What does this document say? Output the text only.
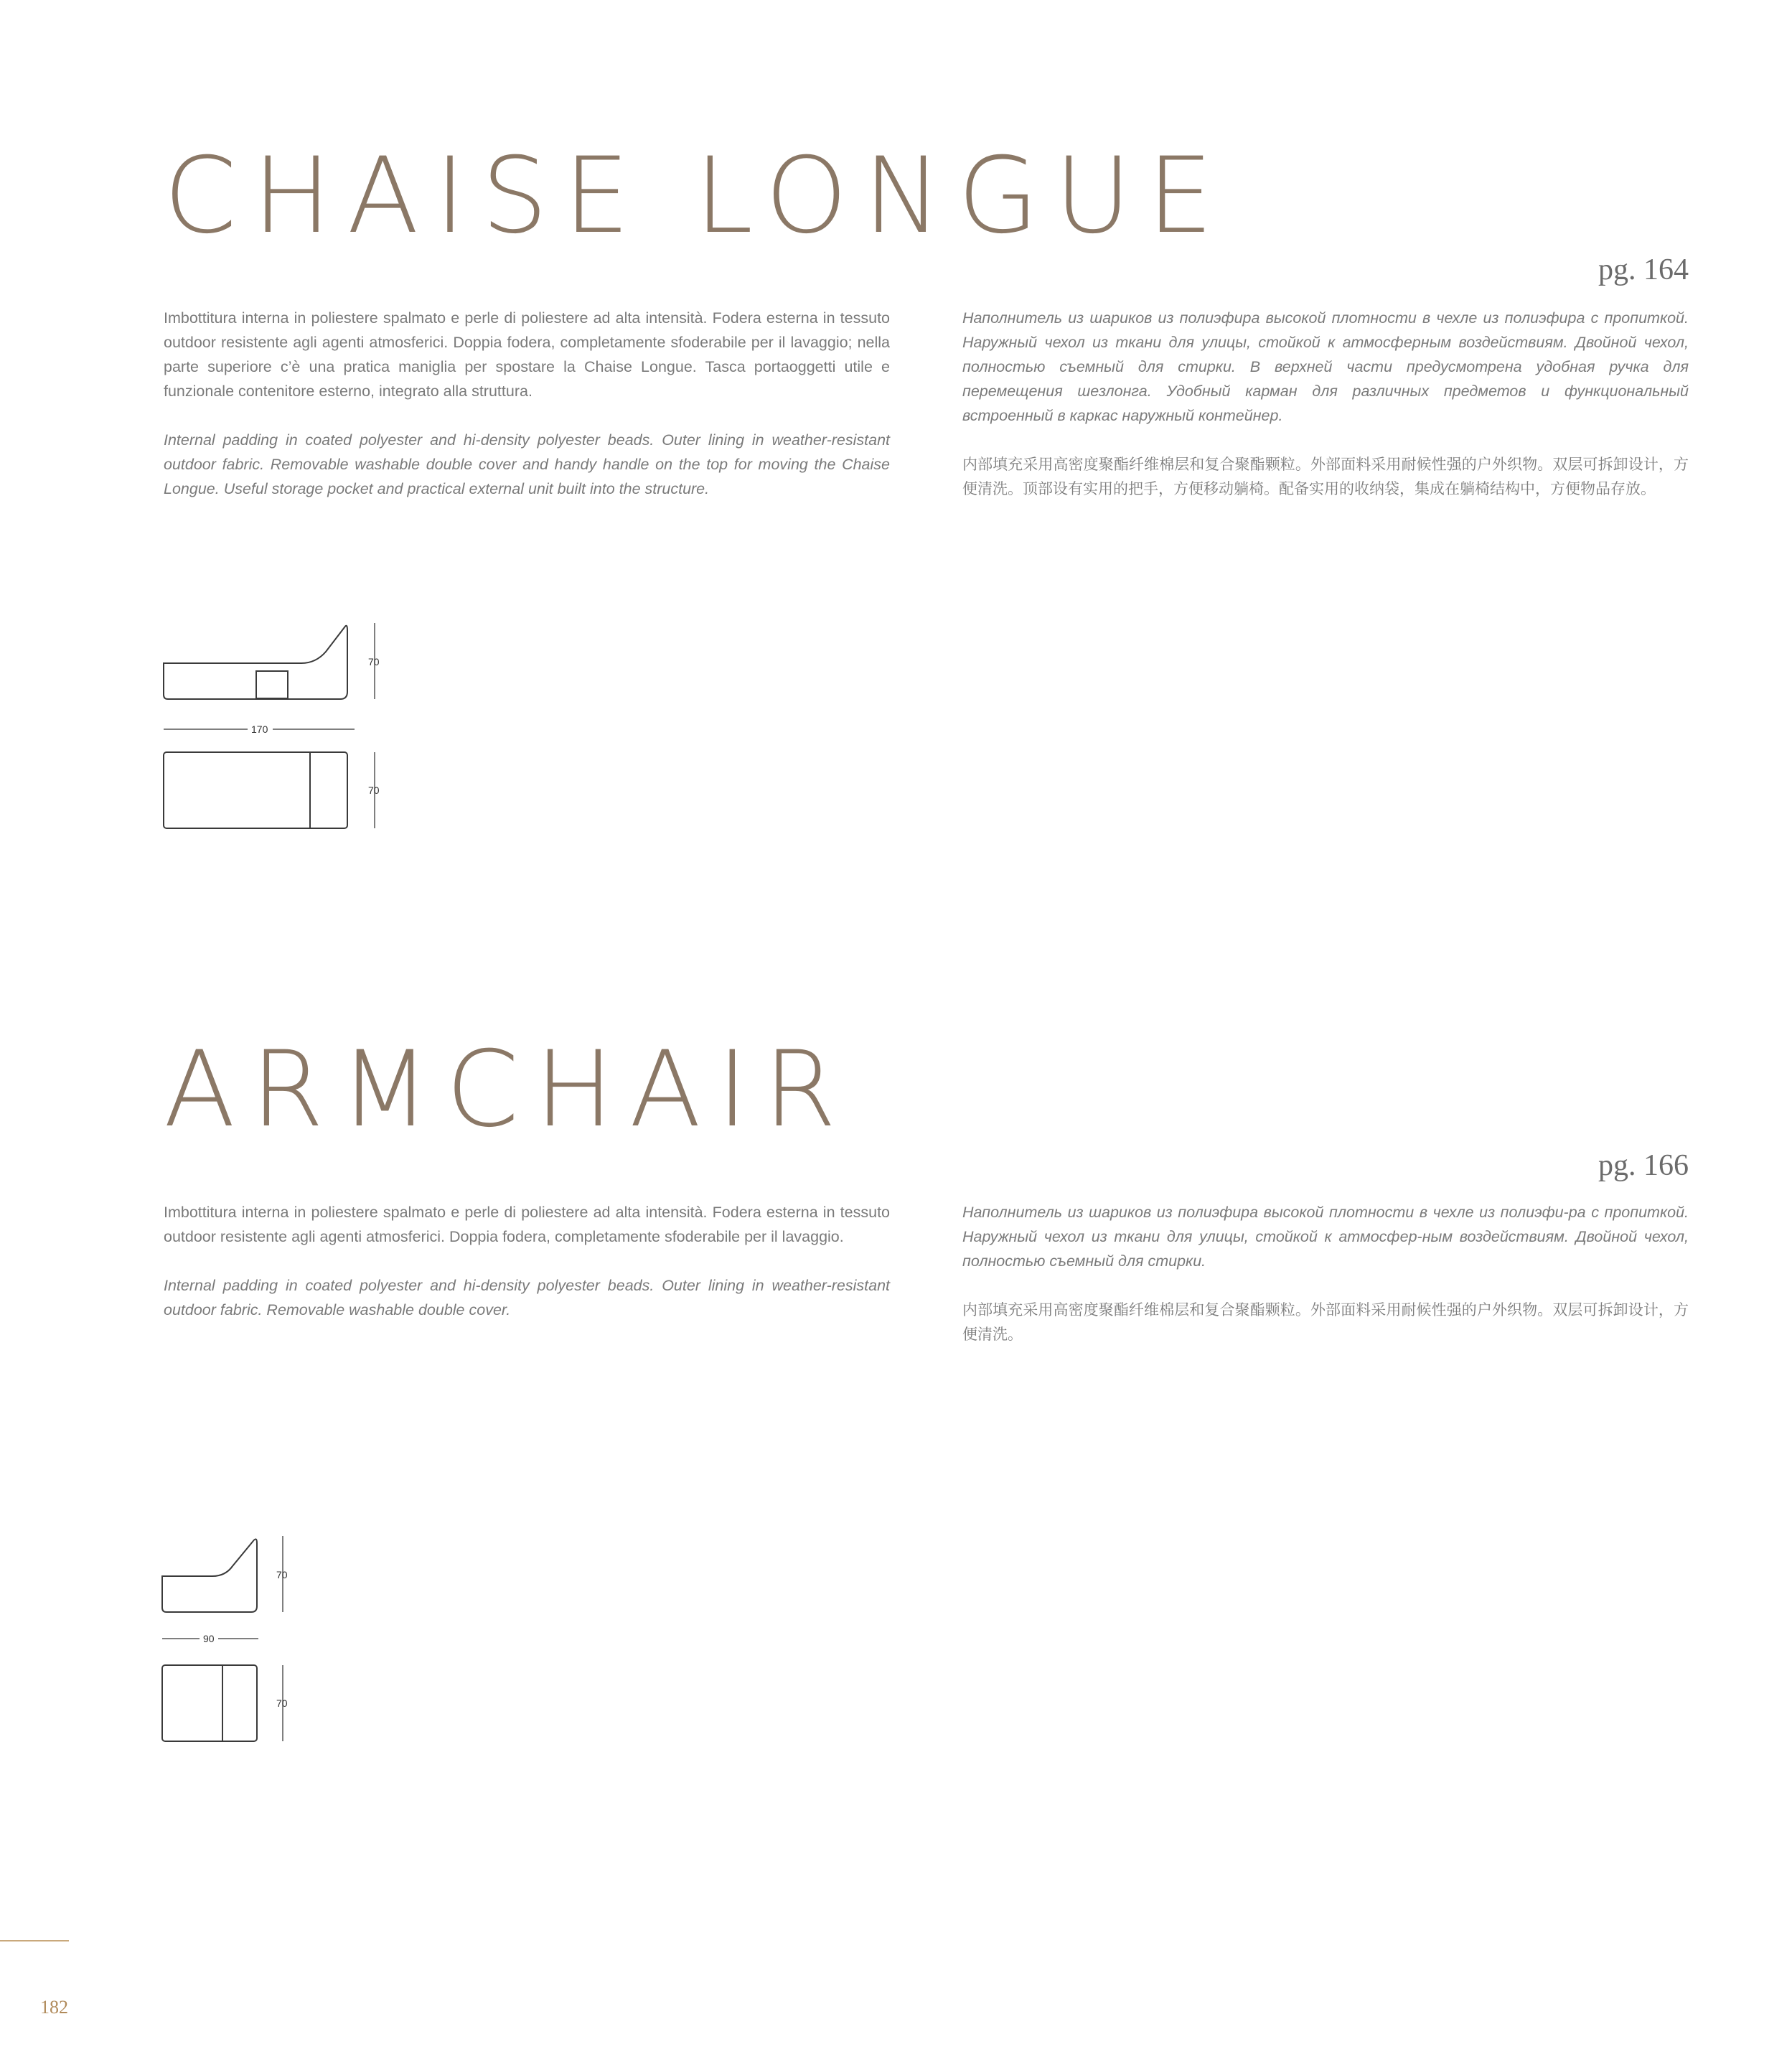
CHAISE LONGUE
pg. 164

Imbottitura interna in poliestere spalmato e perle di poliestere ad alta intensità. Fodera esterna in tessuto outdoor resistente agli agenti atmosferici. Doppia fodera, completamente sfoderabile per il lavaggio; nella parte superiore c’è una pratica maniglia per spostare la Chaise Longue. Tasca portaoggetti utile e funzionale contenitore esterno, integrato alla struttura.

Internal padding in coated polyester and hi-density polyester beads. Outer lining in weather-resistant outdoor fabric. Removable washable double cover and handy handle on the top for moving the Chaise Longue. Useful storage pocket and practical external unit built into the structure.

Наполнитель из шариков из полиэфира высокой плотности в чехле из полиэфира с пропиткой. Наружный чехол из ткани для улицы, стойкой к атмосферным воздействиям. Двойной чехол, полностью съемный для стирки. В верхней части предусмотрена удобная ручка для перемещения шезлонга. Удобный карман для различных предметов и функциональный встроенный в каркас наружный контейнер.

内部填充采用高密度聚酯纤维棉层和复合聚酯颗粒。外部面料采用耐候性强的户外织物。双层可拆卸设计，方便清洗。顶部设有实用的把手，方便移动躺椅。配备实用的收纳袋，集成在躺椅结构中，方便物品存放。

70
170
70
ARMCHAIR
pg. 166

Imbottitura interna in poliestere spalmato e perle di poliestere ad alta intensità. Fodera esterna in tessuto outdoor resistente agli agenti atmosferici. Doppia fodera, completamente sfoderabile per il lavaggio.

Internal padding in coated polyester and hi-density polyester beads. Outer lining in weather-resistant outdoor fabric. Removable washable double cover.

Наполнитель из шариков из полиэфира высокой плотности в чехле из полиэфи-ра с пропиткой. Наружный чехол из ткани для улицы, стойкой к атмосфер-ным воздействиям. Двойной чехол, полностью съемный для стирки.

内部填充采用高密度聚酯纤维棉层和复合聚酯颗粒。外部面料采用耐候性强的户外织物。双层可拆卸设计，方便清洗。

70
90
70
182
